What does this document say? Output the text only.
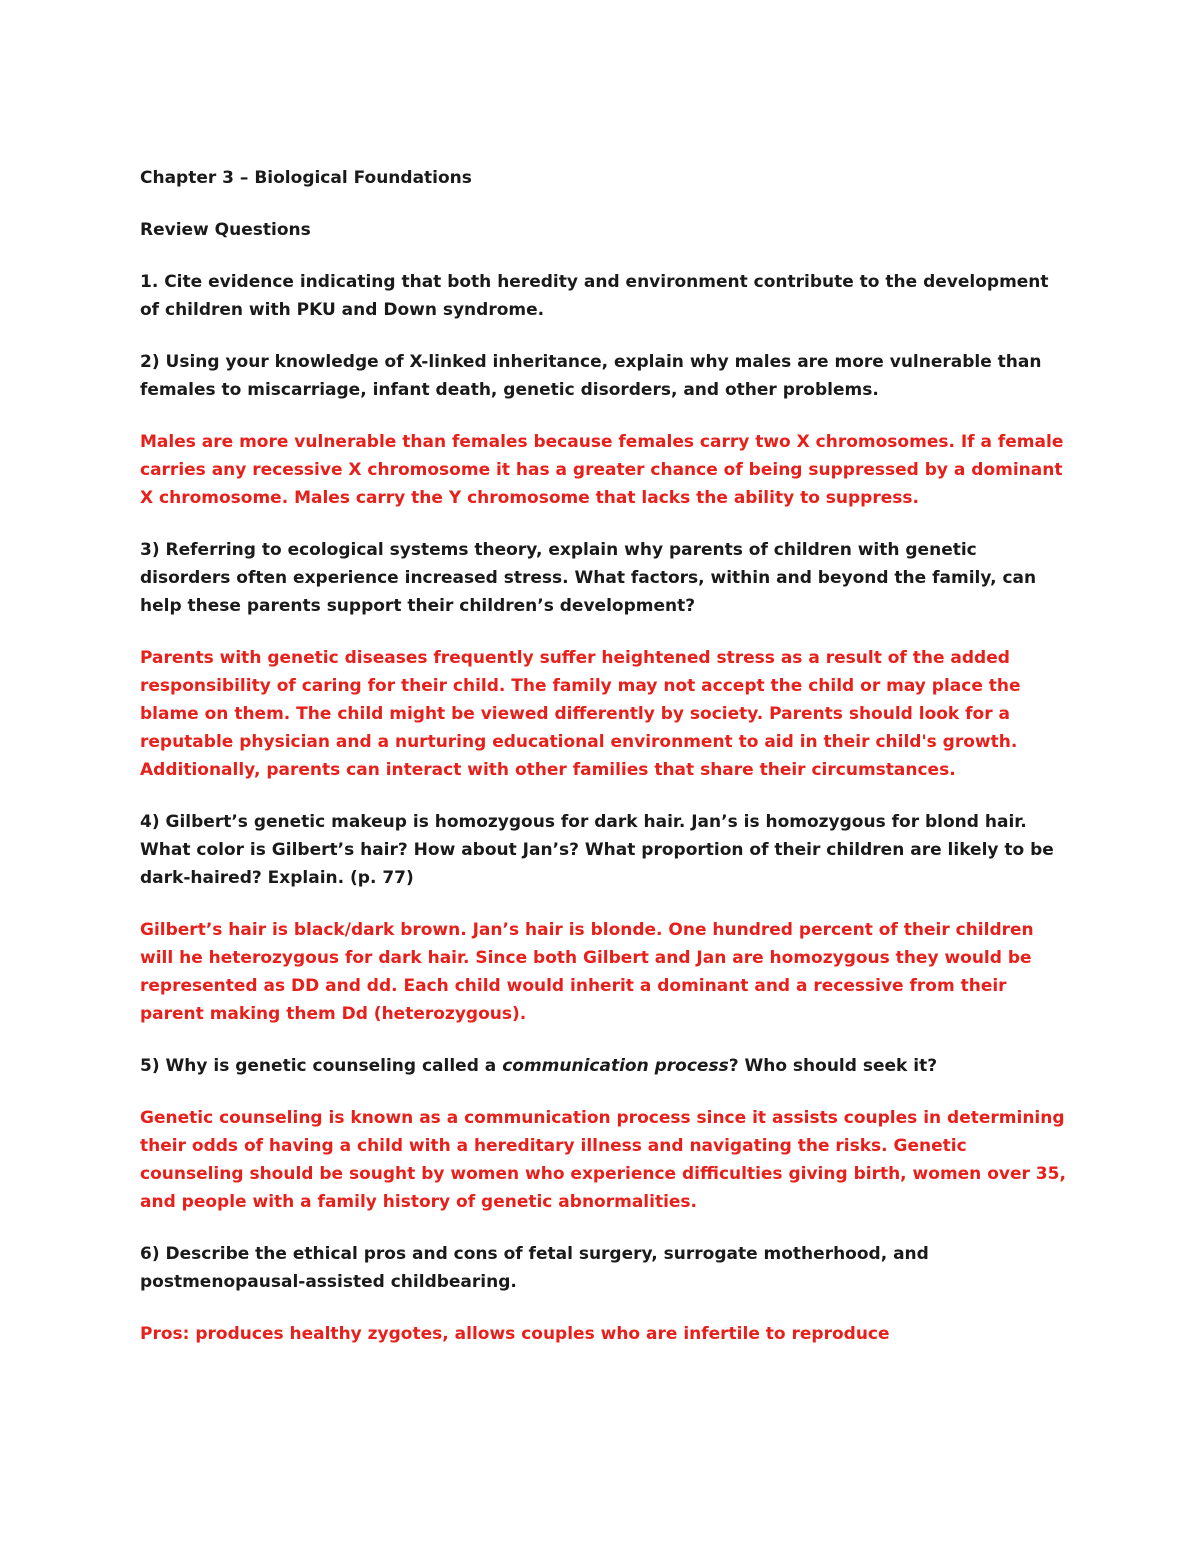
Chapter 3 – Biological Foundations

Review Questions

1. Cite evidence indicating that both heredity and environment contribute to the development of children with PKU and Down syndrome.

2) Using your knowledge of X-linked inheritance, explain why males are more vulnerable than females to miscarriage, infant death, genetic disorders, and other problems.

Males are more vulnerable than females because females carry two X chromosomes. If a female carries any recessive X chromosome it has a greater chance of being suppressed by a dominant X chromosome. Males carry the Y chromosome that lacks the ability to suppress.

3) Referring to ecological systems theory, explain why parents of children with genetic disorders often experience increased stress. What factors, within and beyond the family, can help these parents support their children’s development?

Parents with genetic diseases frequently suffer heightened stress as a result of the added responsibility of caring for their child. The family may not accept the child or may place the blame on them. The child might be viewed differently by society. Parents should look for a reputable physician and a nurturing educational environment to aid in their child's growth. Additionally, parents can interact with other families that share their circumstances.

4) Gilbert’s genetic makeup is homozygous for dark hair. Jan’s is homozygous for blond hair. What color is Gilbert’s hair? How about Jan’s? What proportion of their children are likely to be dark-haired? Explain. (p. 77)

Gilbert’s hair is black/dark brown. Jan’s hair is blonde. One hundred percent of their children will he heterozygous for dark hair. Since both Gilbert and Jan are homozygous they would be represented as DD and dd. Each child would inherit a dominant and a recessive from their parent making them Dd (heterozygous).

5) Why is genetic counseling called a communication process? Who should seek it?

Genetic counseling is known as a communication process since it assists couples in determining their odds of having a child with a hereditary illness and navigating the risks. Genetic counseling should be sought by women who experience difficulties giving birth, women over 35, and people with a family history of genetic abnormalities.

6) Describe the ethical pros and cons of fetal surgery, surrogate motherhood, and postmenopausal-assisted childbearing.

Pros: produces healthy zygotes, allows couples who are infertile to reproduce
